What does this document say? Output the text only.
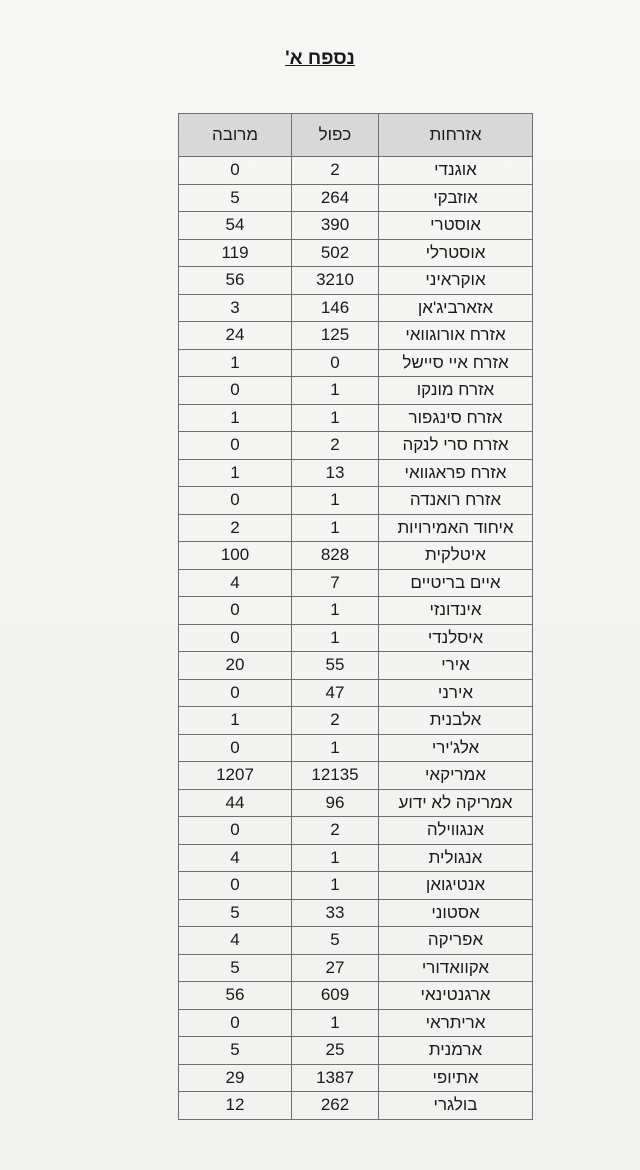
נספח א'
אזרחות	כפול	מרובה
אוגנדי	2	0
אוזבקי	264	5
אוסטרי	390	54
אוסטרלי	502	119
אוקראיני	3210	56
אזארביג'אן	146	3
אזרח אורוגוואי	125	24
אזרח איי סיישל	0	1
אזרח מונקו	1	0
אזרח סינגפור	1	1
אזרח סרי לנקה	2	0
אזרח פראגוואי	13	1
אזרח רואנדה	1	0
איחוד האמירויות	1	2
איטלקית	828	100
איים בריטיים	7	4
אינדונזי	1	0
איסלנדי	1	0
אירי	55	20
אירני	47	0
אלבנית	2	1
אלג'ירי	1	0
אמריקאי	12135	1207
אמריקה לא ידוע	96	44
אנגווילה	2	0
אנגולית	1	4
אנטיגואן	1	0
אסטוני	33	5
אפריקה	5	4
אקוואדורי	27	5
ארגנטינאי	609	56
אריתראי	1	0
ארמנית	25	5
אתיופי	1387	29
בולגרי	262	12
